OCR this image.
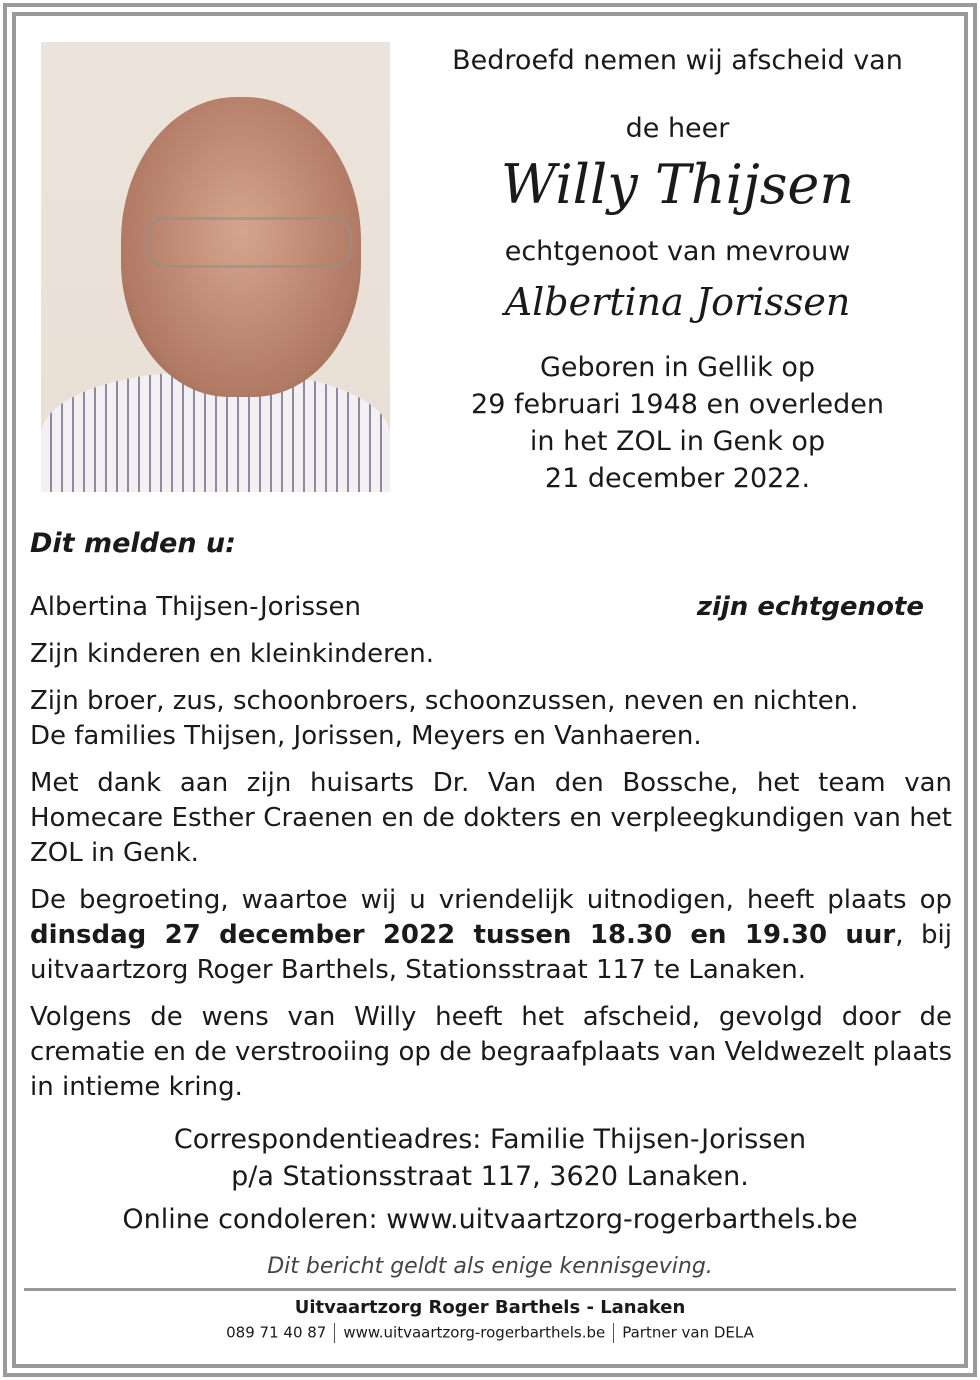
Bedroefd nemen wij afscheid van
de heer
Willy Thijsen
echtgenoot van mevrouw
Albertina Jorissen
Geboren in Gellik op
29 februari 1948 en overleden
in het ZOL in Genk op
21 december 2022.
Dit melden u:
Albertina Thijsen-Jorissen	zijn echtgenote
Zijn kinderen en kleinkinderen.
Zijn broer, zus, schoonbroers, schoonzussen, neven en nichten.
De families Thijsen, Jorissen, Meyers en Vanhaeren.
Met dank aan zijn huisarts Dr. Van den Bossche, het team van Homecare Esther Craenen en de dokters en verpleegkundigen van het ZOL in Genk.
De begroeting, waartoe wij u vriendelijk uitnodigen, heeft plaats op dinsdag 27 december 2022 tussen 18.30 en 19.30 uur, bij uitvaartzorg Roger Barthels, Stationsstraat 117 te Lanaken.
Volgens de wens van Willy heeft het afscheid, gevolgd door de crematie en de verstrooiing op de begraafplaats van Veldwezelt plaats in intieme kring.
Correspondentieadres: Familie Thijsen-Jorissen
p/a Stationsstraat 117, 3620 Lanaken.
Online condoleren: www.uitvaartzorg-rogerbarthels.be
Dit bericht geldt als enige kennisgeving.
Uitvaartzorg Roger Barthels - Lanaken
089 71 40 87 www.uitvaartzorg-rogerbarthels.be Partner van DELA
